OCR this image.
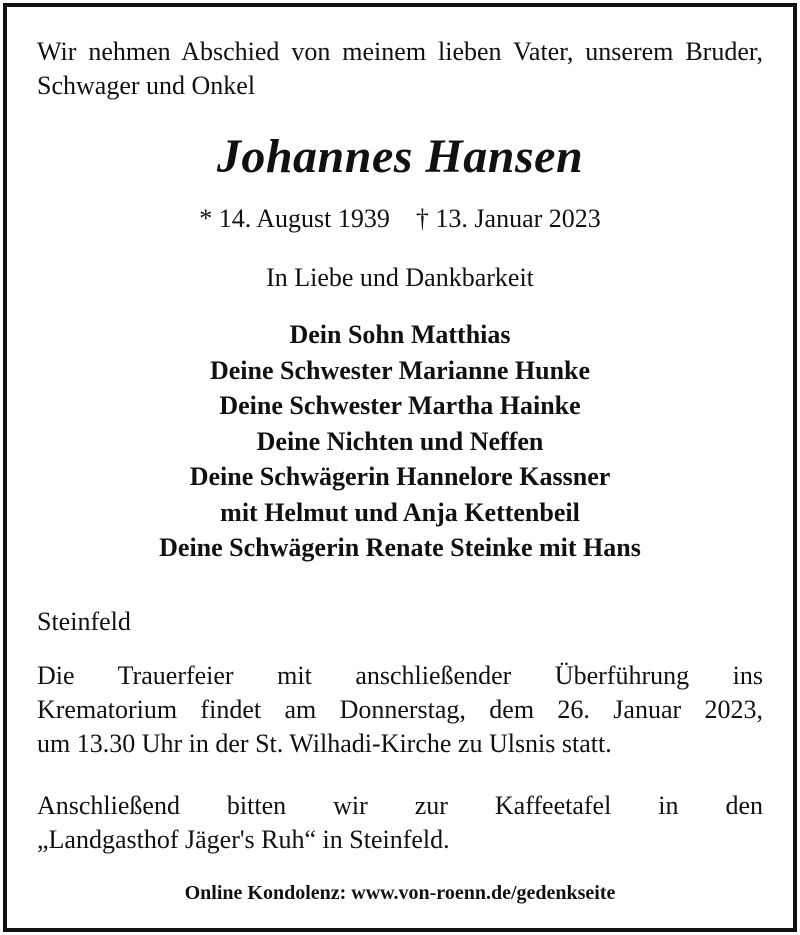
Wir nehmen Abschied von meinem lieben Vater, unserem Bruder, Schwager und Onkel
Johannes Hansen
* 14. August 1939 † 13. Januar 2023
In Liebe und Dankbarkeit
Dein Sohn Matthias
Deine Schwester Marianne Hunke
Deine Schwester Martha Hainke
Deine Nichten und Neffen
Deine Schwägerin Hannelore Kassner
mit Helmut und Anja Kettenbeil
Deine Schwägerin Renate Steinke mit Hans
Steinfeld
Die Trauerfeier mit anschließender Überführung ins
Krematorium findet am Donnerstag, dem 26. Januar 2023,
um 13.30 Uhr in der St. Wilhadi-Kirche zu Ulsnis statt.
Anschließend bitten wir zur Kaffeetafel in den
„Landgasthof Jäger's Ruh“ in Steinfeld.
Online Kondolenz: www.von-roenn.de/gedenkseite
